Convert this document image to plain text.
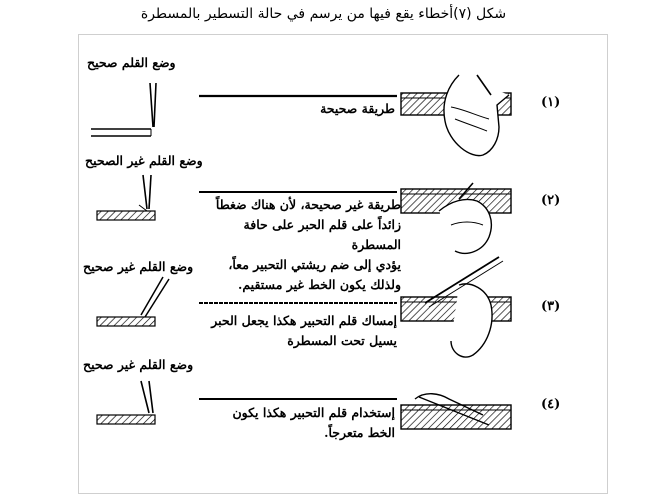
شكل (٧)أخطاء يقع فيها من يرسم في حالة التسطير بالمسطرة
وضع القلم صحيح
طريقة صحيحة	(١)
وضع القلم غير الصحيح
طريقة غير صحيحة، لأن هناك ضغطاً
زائداً على قلم الحبر على حافة المسطرة
يؤدي إلى ضم ريشتي التحبير معاً،
ولذلك يكون الخط غير مستقيم.
(٢)
وضع القلم غير صحيح
إمساك قلم التحبير هكذا يجعل الحبر
يسيل تحت المسطرة
(٣)
وضع القلم غير صحيح
إستخدام قلم التحبير هكذا يكون
الخط متعرجاً.
(٤)
